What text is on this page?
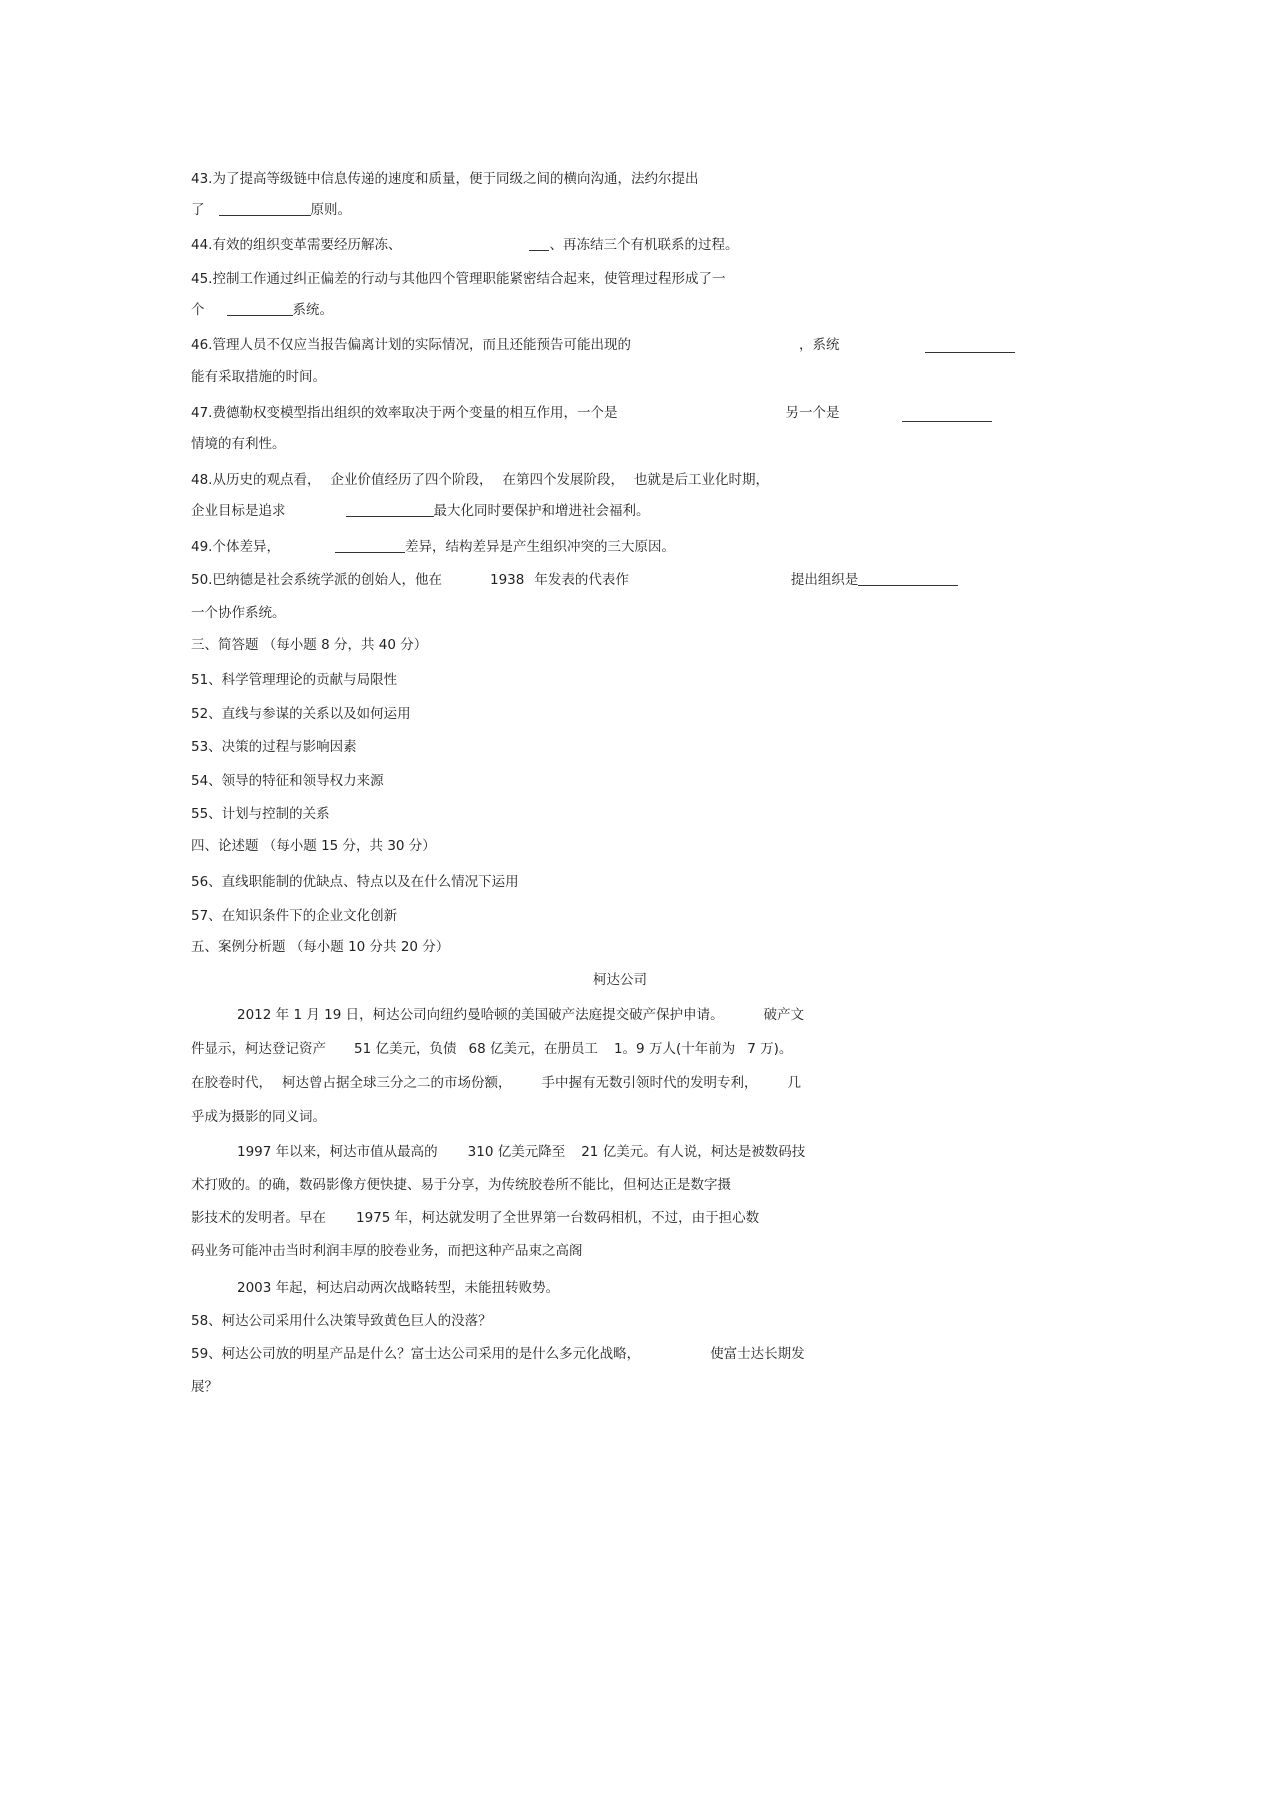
43.为了提高等级链中信息传递的速度和质量，便于同级之间的横向沟通，法约尔提出
了	原则。
44.有效的组织变革需要经历解冻、	、再冻结三个有机联系的过程。
45.控制工作通过纠正偏差的行动与其他四个管理职能紧密结合起来，使管理过程形成了一
个	系统。
46.管理人员不仅应当报告偏离计划的实际情况，而且还能预告可能出现的	，系统
能有采取措施的时间。
47.费德勒权变模型指出组织的效率取决于两个变量的相互作用，一个是	另一个是
情境的有利性。
48.从历史的观点看， 企业价值经历了四个阶段， 在第四个发展阶段， 也就是后工业化时期，
企业目标是追求	最大化同时要保护和增进社会福利。
49.个体差异，	差异，结构差异是产生组织冲突的三大原因。
50.巴纳德是社会系统学派的创始人，他在	1938 年发表的代表作	提出组织是
一个协作系统。
三、简答题 （每小题 8 分，共 40 分）
51、科学管理理论的贡献与局限性
52、直线与参谋的关系以及如何运用
53、决策的过程与影响因素
54、领导的特征和领导权力来源
55、计划与控制的关系
四、论述题 （每小题 15 分，共 30 分）
56、直线职能制的优缺点、特点以及在什么情况下运用
57、在知识条件下的企业文化创新
五、案例分析题 （每小题 10 分共 20 分）
柯达公司
2012 年 1 月 19 日，柯达公司向纽约曼哈顿的美国破产法庭提交破产保护申请。	破产文
件显示，柯达登记资产 51 亿美元，负债 68 亿美元，在册员工 1。9 万人(十年前为 7 万)。
在胶卷时代， 柯达曾占据全球三分之二的市场份额， 手中握有无数引领时代的发明专利， 几
乎成为摄影的同义词。
1997 年以来，柯达市值从最高的 310 亿美元降至 21 亿美元。有人说，柯达是被数码技
术打败的。的确，数码影像方便快捷、易于分享，为传统胶卷所不能比，但柯达正是数字摄
影技术的发明者。早在 1975 年，柯达就发明了全世界第一台数码相机，不过，由于担心数
码业务可能冲击当时利润丰厚的胶卷业务，而把这种产品束之高阁
2003 年起，柯达启动两次战略转型，未能扭转败势。
58、柯达公司采用什么决策导致黄色巨人的没落？
59、柯达公司放的明星产品是什么？富士达公司采用的是什么多元化战略，	使富士达长期发
展？
